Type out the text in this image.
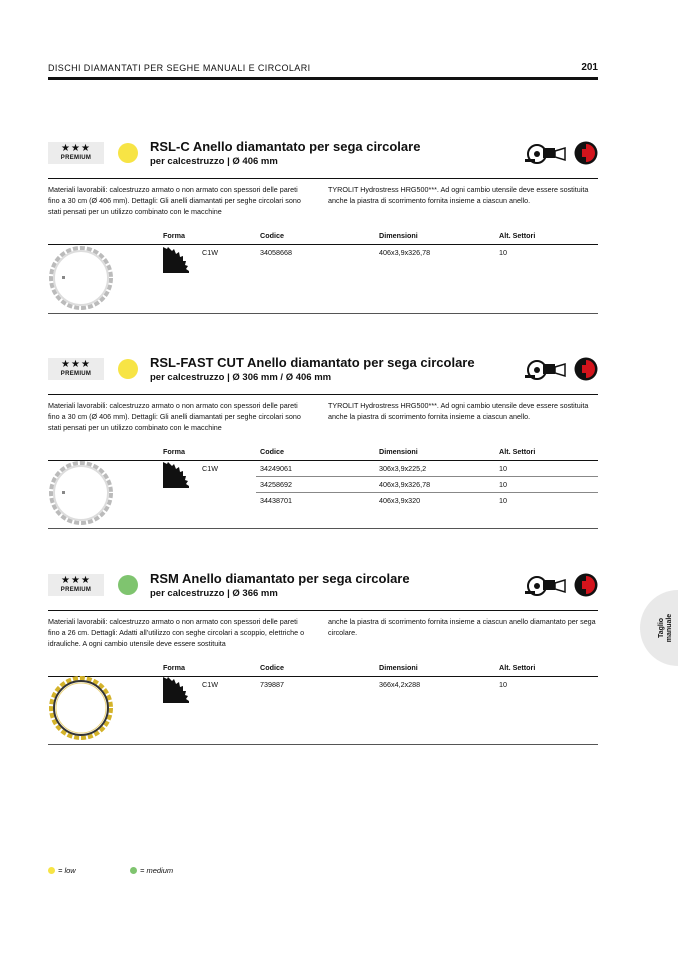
DISCHI DIAMANTATI PER SEGHE MANUALI E CIRCOLARI	201
★★★
PREMIUM
RSL-C Anello diamantato per sega circolare
per calcestruzzo | Ø 406 mm
Materiali lavorabili: calcestruzzo armato o non armato con spessori delle pareti fino a 30 cm (Ø 406 mm). Dettagli: Gli anelli diamantati per seghe circolari sono stati pensati per un utilizzo combinato con le macchine
TYROLIT Hydrostress HRG500***. Ad ogni cambio utensile deve essere sostituita anche la piastra di scorrimento fornita insieme a ciascun anello.
Forma	Codice	Dimensioni	Alt. Settori
C1W	34058668	406x3,9x326,78	10
★★★
PREMIUM
RSL-FAST CUT Anello diamantato per sega circolare
per calcestruzzo | Ø 306 mm / Ø 406 mm
Materiali lavorabili: calcestruzzo armato o non armato con spessori delle pareti fino a 30 cm (Ø 406 mm). Dettagli: Gli anelli diamantati per seghe circolari sono stati pensati per un utilizzo combinato con le macchine
TYROLIT Hydrostress HRG500***. Ad ogni cambio utensile deve essere sostituita anche la piastra di scorrimento fornita insieme a ciascun anello.
Forma	Codice	Dimensioni	Alt. Settori
C1W	34249061	306x3,9x225,2	10
34258692	406x3,9x326,78	10
34438701	406x3,9x320	10
★★★
PREMIUM
RSM Anello diamantato per sega circolare
per calcestruzzo | Ø 366 mm
Materiali lavorabili: calcestruzzo armato o non armato con spessori delle pareti fino a 26 cm. Dettagli: Adatti all’utilizzo con seghe circolari a scoppio, elettriche o idrauliche. A ogni cambio utensile deve essere sostituita
anche la piastra di scorrimento fornita insieme a ciascun anello diamantato per sega circolare.
Forma	Codice	Dimensioni	Alt. Settori
C1W	739887	366x4,2x288	10
Taglio
manuale
= low	= medium
